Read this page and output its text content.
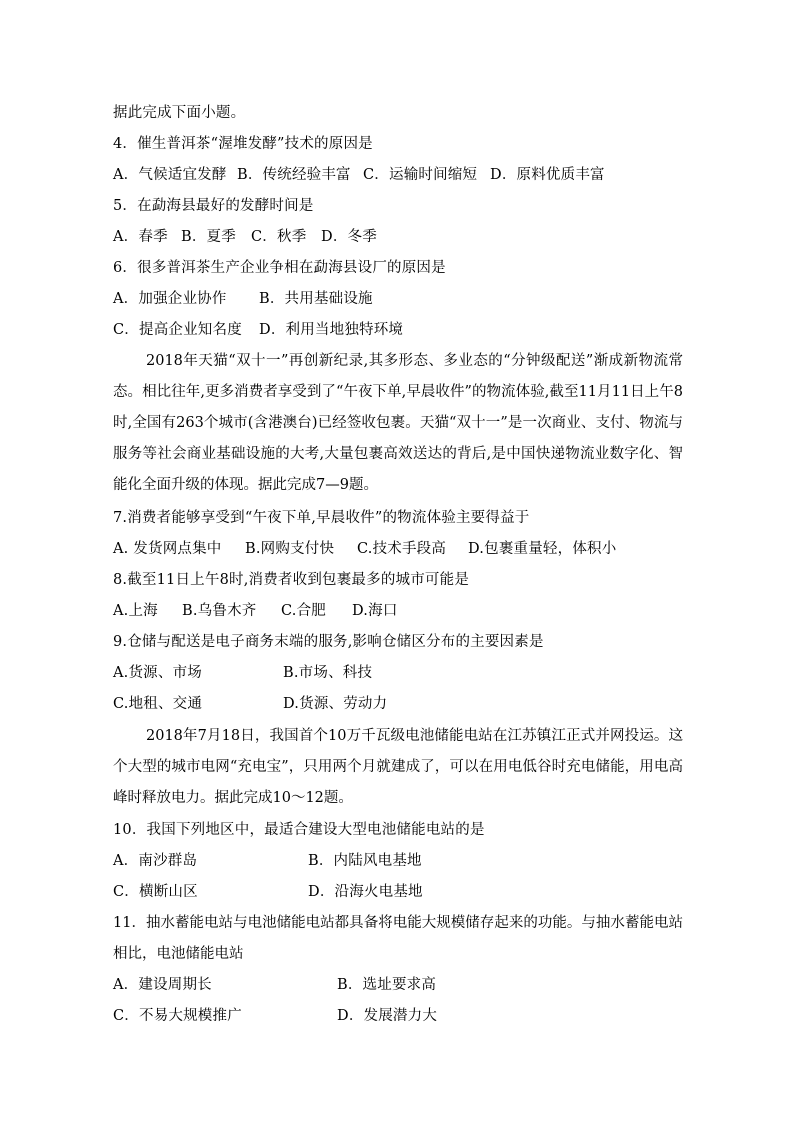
据此完成下面小题。
4．催生普洱茶“渥堆发酵”技术的原因是
A．气候适宜发酵 B．传统经验丰富 C．运输时间缩短 D．原料优质丰富
5．在勐海县最好的发酵时间是
A．春季 B．夏季 C．秋季 D．冬季
6．很多普洱茶生产企业争相在勐海县设厂的原因是
A．加强企业协作 B．共用基础设施
C．提高企业知名度 D．利用当地独特环境
2018年天猫“双十一”再创新纪录,其多形态、多业态的“分钟级配送”渐成新物流常态。相比往年,更多消费者享受到了“午夜下单,早晨收件”的物流体验,截至11月11日上午8时,全国有263个城市(含港澳台)已经签收包裹。天猫“双十一”是一次商业、支付、物流与服务等社会商业基础设施的大考,大量包裹高效送达的背后,是中国快递物流业数字化、智能化全面升级的体现。据此完成7—9题。
7.消费者能够享受到“午夜下单,早晨收件”的物流体验主要得益于
A. 发货网点集中 B.网购支付快 C.技术手段高 D.包裹重量轻，体积小
8.截至11日上午8时,消费者收到包裹最多的城市可能是
A.上海 B.乌鲁木齐 C.合肥 D.海口
9.仓储与配送是电子商务末端的服务,影响仓储区分布的主要因素是
A.货源、市场	B.市场、科技
C.地租、交通	D.货源、劳动力
2018年7月18日，我国首个10万千瓦级电池储能电站在江苏镇江正式并网投运。这个大型的城市电网“充电宝”，只用两个月就建成了，可以在用电低谷时充电储能，用电高峰时释放电力。据此完成10～12题。
10．我国下列地区中，最适合建设大型电池储能电站的是
A．南沙群岛	B．内陆风电基地
C．横断山区	D．沿海火电基地
11．抽水蓄能电站与电池储能电站都具备将电能大规模储存起来的功能。与抽水蓄能电站相比，电池储能电站
A．建设周期长	B．选址要求高
C．不易大规模推广	D．发展潜力大
